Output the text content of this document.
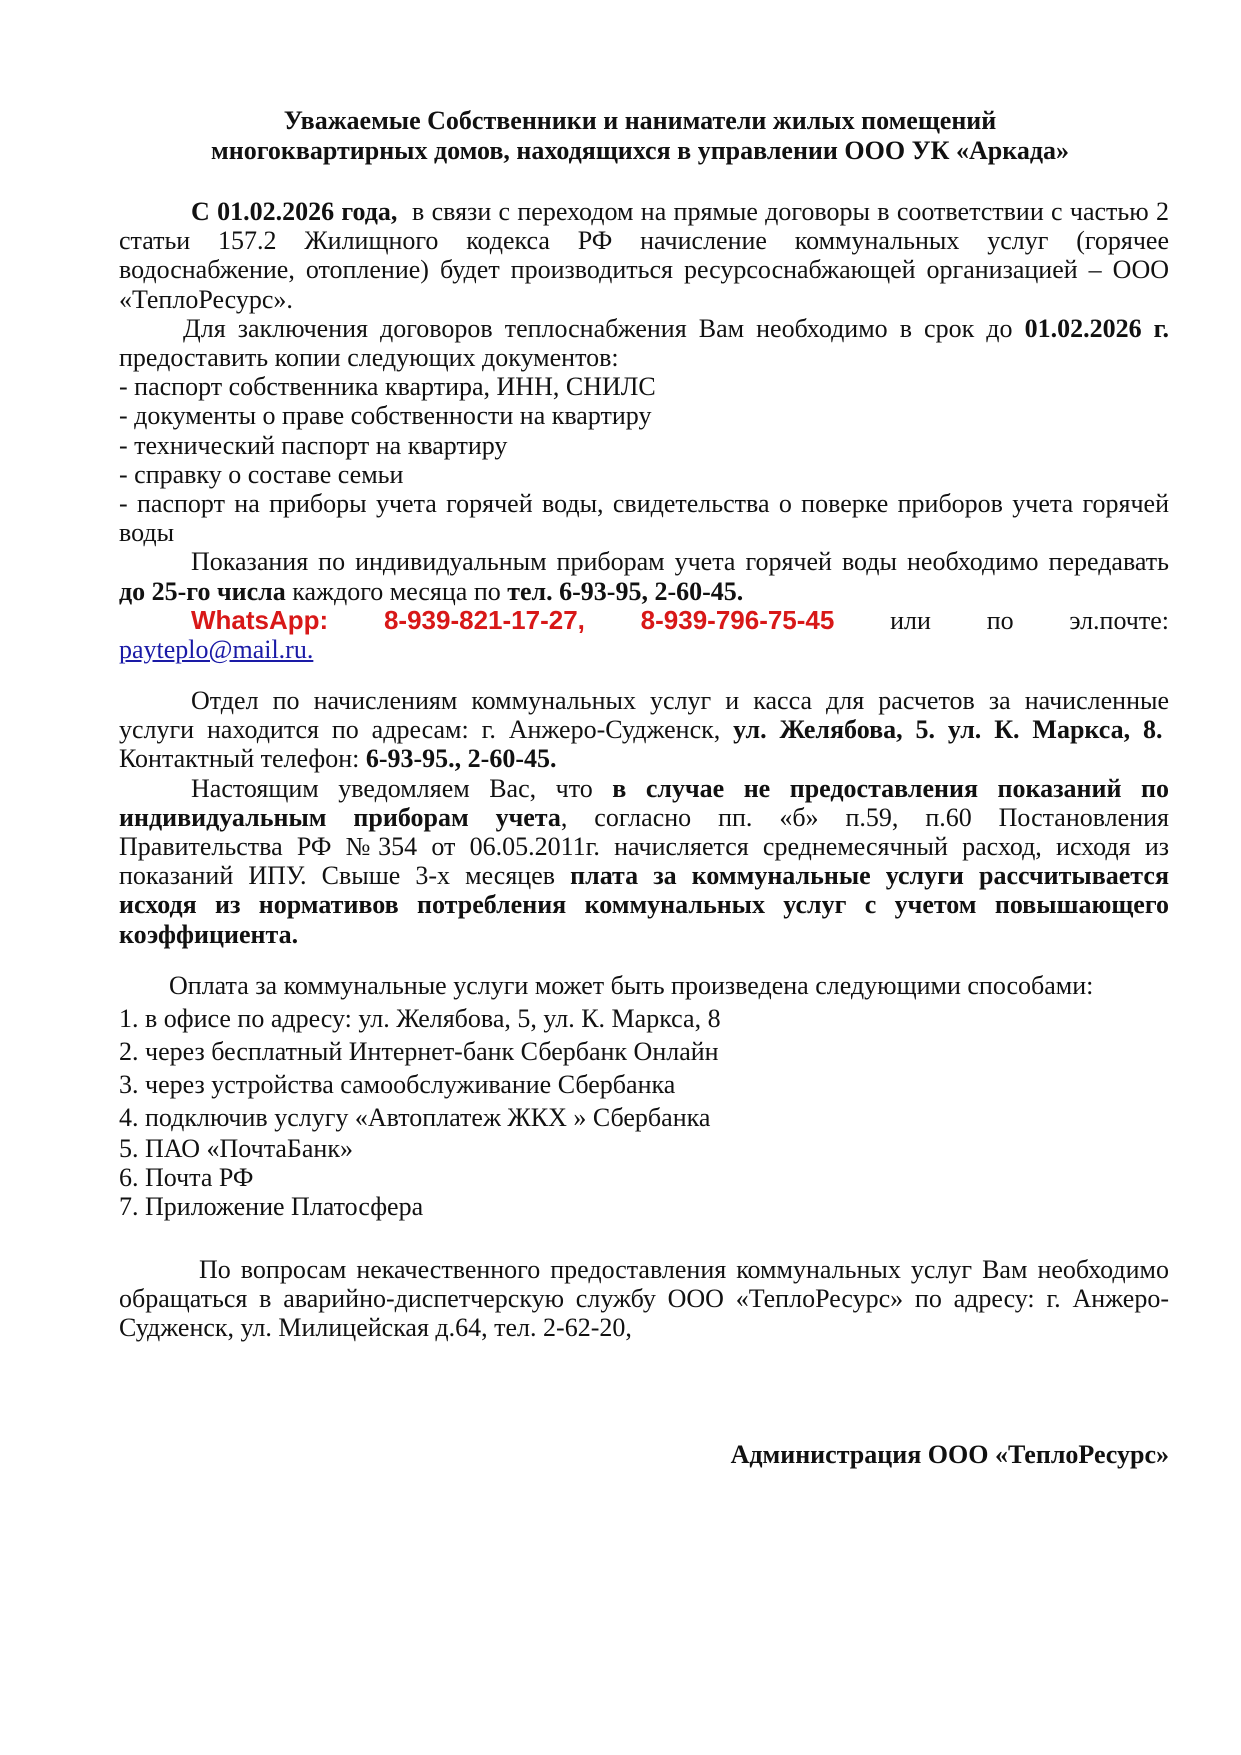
Уважаемые Собственники и наниматели жилых помещений
многоквартирных домов, находящихся в управлении ООО УК «Аркада»

С 01.02.2026 года, в связи с переходом на прямые договоры в соответствии с частью 2 статьи 157.2 Жилищного кодекса РФ начисление коммунальных услуг (горячее водоснабжение, отопление) будет производиться ресурсоснабжающей организацией – ООО «ТеплоРесурс».

Для заключения договоров теплоснабжения Вам необходимо в срок до 01.02.2026 г. предоставить копии следующих документов:

- паспорт собственника квартира, ИНН, СНИЛС

- документы о праве собственности на квартиру

- технический паспорт на квартиру

- справку о составе семьи

- паспорт на приборы учета горячей воды, свидетельства о поверке приборов учета горячей воды

Показания по индивидуальным приборам учета горячей воды необходимо передавать до 25-го числа каждого месяца по тел. 6-93-95, 2-60-45.

WhatsApp: 8-939-821-17-27, 8-939-796-75-45 или по эл.почте:

payteplo@mail.ru.

Отдел по начислениям коммунальных услуг и касса для расчетов за начисленные услуги находится по адресам: г. Анжеро-Судженск, ул. Желябова, 5. ул. К. Маркса, 8.  Контактный телефон: 6-93-95., 2-60-45.

Настоящим уведомляем Вас, что в случае не предоставления показаний по индивидуальным приборам учета, согласно пп. «б» п.59, п.60 Постановления Правительства РФ №354 от 06.05.2011г. начисляется среднемесячный расход, исходя из показаний ИПУ. Свыше 3-х месяцев плата за коммунальные услуги рассчитывается исходя из нормативов потребления коммунальных услуг с учетом повышающего коэффициента.

Оплата за коммунальные услуги может быть произведена следующими способами:

1. в офисе по адресу: ул. Желябова, 5, ул. К. Маркса, 8

2. через бесплатный Интернет-банк Сбербанк Онлайн

3. через устройства самообслуживание Сбербанка

4. подключив услугу «Автоплатеж ЖКХ » Сбербанка

5. ПАО «ПочтаБанк»

6. Почта РФ

7. Приложение Платосфера

По вопросам некачественного предоставления коммунальных услуг Вам необходимо обращаться в аварийно-диспетчерскую службу ООО «ТеплоРесурс» по адресу: г. Анжеро-Судженск, ул. Милицейская д.64, тел. 2-62-20,

Администрация ООО «ТеплоРесурс»
